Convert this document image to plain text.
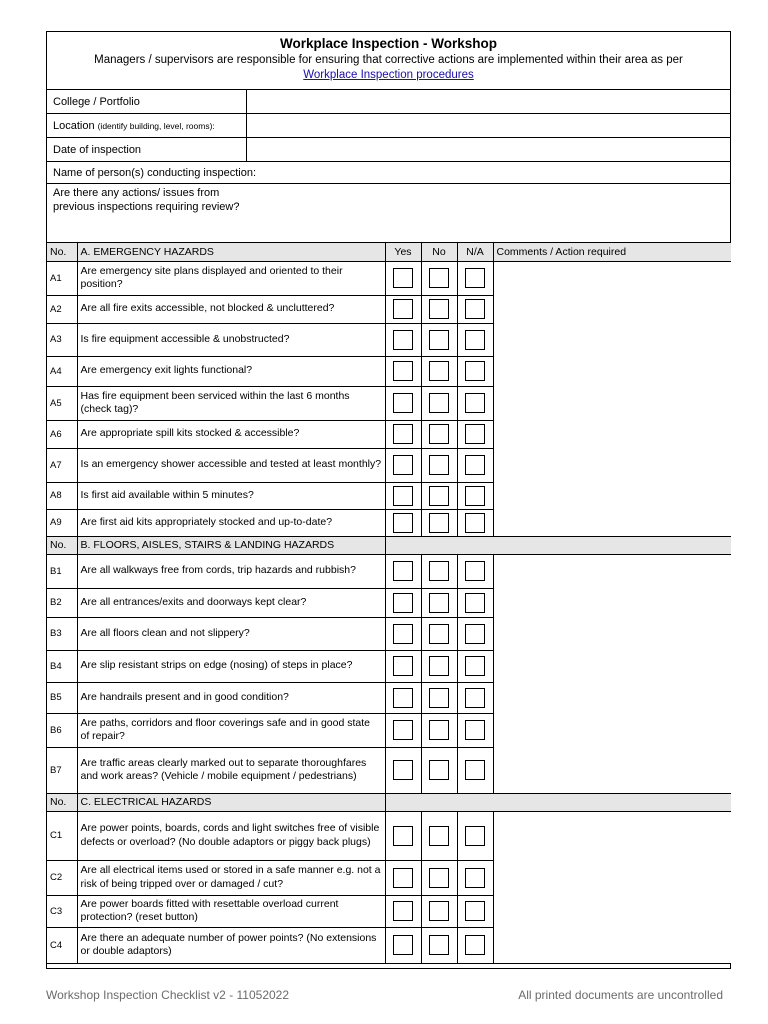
Workplace Inspection - Workshop
Managers / supervisors are responsible for ensuring that corrective actions are implemented within their area as per
Workplace Inspection procedures
College / Portfolio
Location (identify building, level, rooms):
Date of inspection
Name of person(s) conducting inspection:
Are there any actions/ issues from previous inspections requiring review?
No.	A. EMERGENCY HAZARDS	Yes	No	N/A	Comments / Action required
A1	Are emergency site plans displayed and oriented to their position?				
A2	Are all fire exits accessible, not blocked & uncluttered?				
A3	Is fire equipment accessible & unobstructed?				
A4	Are emergency exit lights functional?				
A5	Has fire equipment been serviced within the last 6 months (check tag)?				
A6	Are appropriate spill kits stocked & accessible?				
A7	Is an emergency shower accessible and tested at least monthly?				
A8	Is first aid available within 5 minutes?				
A9	Are first aid kits appropriately stocked and up-to-date?				
No.	B. FLOORS, AISLES, STAIRS & LANDING HAZARDS				
B1	Are all walkways free from cords, trip hazards and rubbish?				
B2	Are all entrances/exits and doorways kept clear?				
B3	Are all floors clean and not slippery?				
B4	Are slip resistant strips on edge (nosing) of steps in place?				
B5	Are handrails present and in good condition?				
B6	Are paths, corridors and floor coverings safe and in good state of repair?				
B7	Are traffic areas clearly marked out to separate thoroughfares and work areas? (Vehicle / mobile equipment / pedestrians)				
No.	C. ELECTRICAL HAZARDS				
C1	Are power points, boards, cords and light switches free of visible defects or overload? (No double adaptors or piggy back plugs)				
C2	Are all electrical items used or stored in a safe manner e.g. not a risk of being tripped over or damaged / cut?				
C3	Are power boards fitted with resettable overload current protection? (reset button)				
C4	Are there an adequate number of power points? (No extensions or double adaptors)				
Workshop Inspection Checklist v2 - 11052022	All printed documents are uncontrolled
